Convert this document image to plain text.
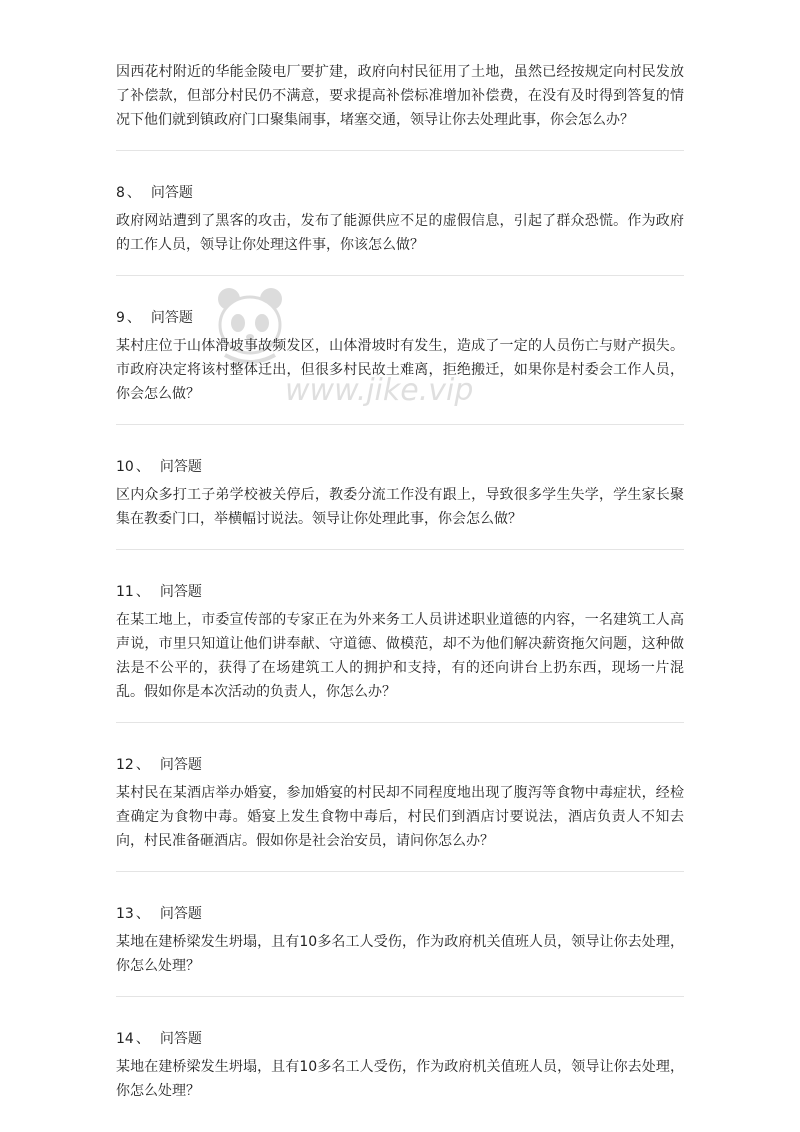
www.jike.vip

因西花村附近的华能金陵电厂要扩建，政府向村民征用了土地，虽然已经按规定向村民发放了补偿款，但部分村民仍不满意，要求提高补偿标准增加补偿费，在没有及时得到答复的情况下他们就到镇政府门口聚集闹事，堵塞交通，领导让你去处理此事，你会怎么办？

8 、 问答题

政府网站遭到了黑客的攻击，发布了能源供应不足的虚假信息，引起了群众恐慌。作为政府的工作人员，领导让你处理这件事，你该怎么做？

9 、 问答题

某村庄位于山体滑坡事故频发区，山体滑坡时有发生，造成了一定的人员伤亡与财产损失。市政府决定将该村整体迁出，但很多村民故土难离，拒绝搬迁，如果你是村委会工作人员，你会怎么做？

10 、 问答题

区内众多打工子弟学校被关停后，教委分流工作没有跟上，导致很多学生失学，学生家长聚集在教委门口，举横幅讨说法。领导让你处理此事，你会怎么做？

11 、 问答题

在某工地上，市委宣传部的专家正在为外来务工人员讲述职业道德的内容，一名建筑工人高声说，市里只知道让他们讲奉献、守道德、做模范，却不为他们解决薪资拖欠问题，这种做法是不公平的，获得了在场建筑工人的拥护和支持，有的还向讲台上扔东西，现场一片混乱。假如你是本次活动的负责人，你怎么办？

12 、 问答题

某村民在某酒店举办婚宴，参加婚宴的村民却不同程度地出现了腹泻等食物中毒症状，经检查确定为食物中毒。婚宴上发生食物中毒后，村民们到酒店讨要说法，酒店负责人不知去向，村民准备砸酒店。假如你是社会治安员，请问你怎么办？

13 、 问答题

某地在建桥梁发生坍塌，且有10多名工人受伤，作为政府机关值班人员，领导让你去处理，你怎么处理？

14 、 问答题

某地在建桥梁发生坍塌，且有10多名工人受伤，作为政府机关值班人员，领导让你去处理，你怎么处理？
